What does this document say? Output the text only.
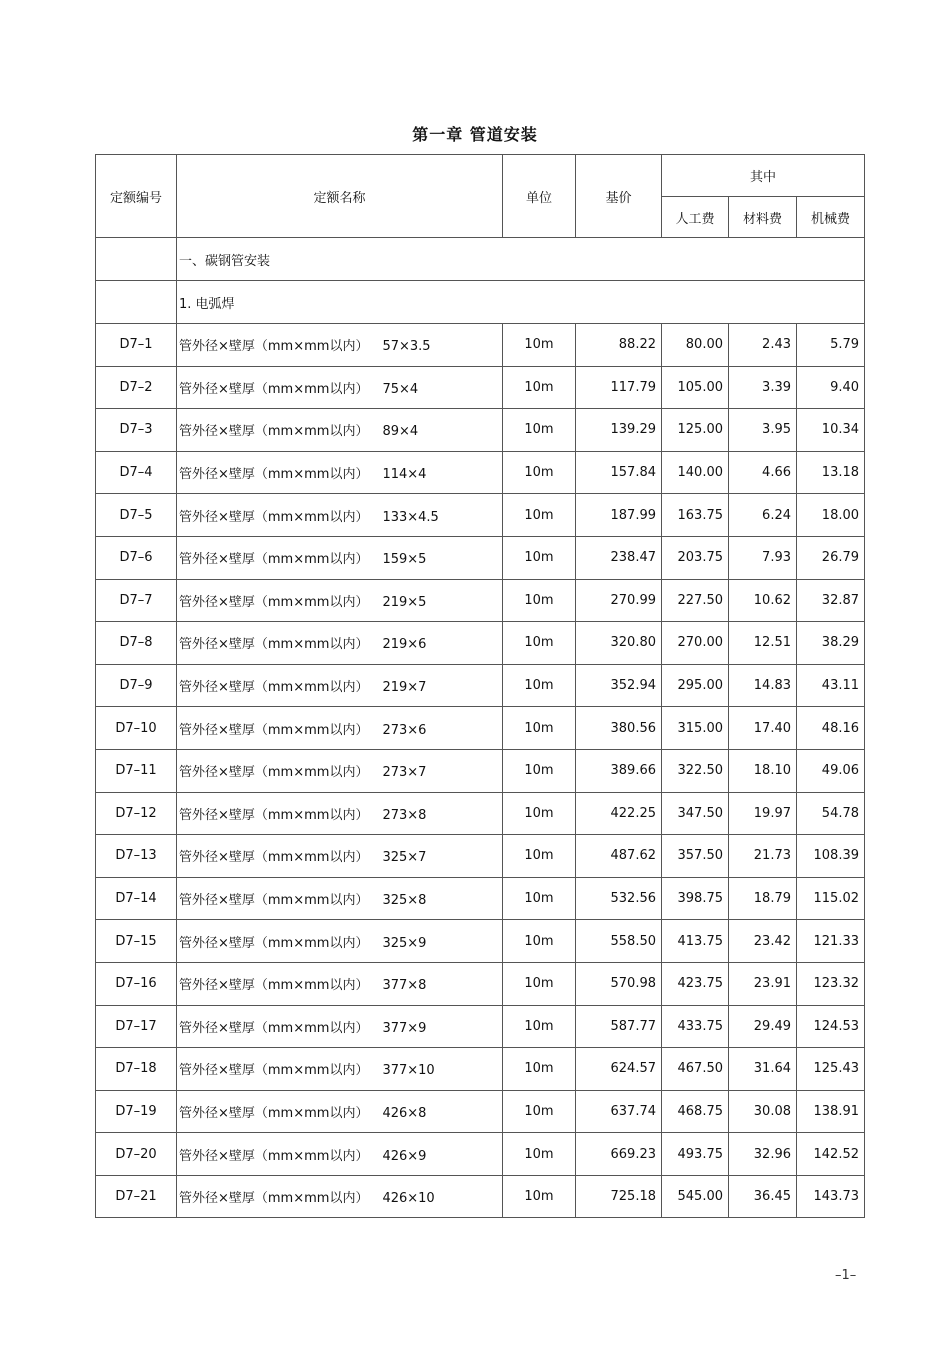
第一章 管道安装
定额编号	定额名称	单位	基价	其中		
				人工费	材料费	机械费
	一、碳钢管安装					
	1. 电弧焊					
D7–1	管外径×壁厚（mm×mm以内） 57×3.5	10m	88.22	80.00	2.43	5.79
D7–2	管外径×壁厚（mm×mm以内） 75×4	10m	117.79	105.00	3.39	9.40
D7–3	管外径×壁厚（mm×mm以内） 89×4	10m	139.29	125.00	3.95	10.34
D7–4	管外径×壁厚（mm×mm以内） 114×4	10m	157.84	140.00	4.66	13.18
D7–5	管外径×壁厚（mm×mm以内） 133×4.5	10m	187.99	163.75	6.24	18.00
D7–6	管外径×壁厚（mm×mm以内） 159×5	10m	238.47	203.75	7.93	26.79
D7–7	管外径×壁厚（mm×mm以内） 219×5	10m	270.99	227.50	10.62	32.87
D7–8	管外径×壁厚（mm×mm以内） 219×6	10m	320.80	270.00	12.51	38.29
D7–9	管外径×壁厚（mm×mm以内） 219×7	10m	352.94	295.00	14.83	43.11
D7–10	管外径×壁厚（mm×mm以内） 273×6	10m	380.56	315.00	17.40	48.16
D7–11	管外径×壁厚（mm×mm以内） 273×7	10m	389.66	322.50	18.10	49.06
D7–12	管外径×壁厚（mm×mm以内） 273×8	10m	422.25	347.50	19.97	54.78
D7–13	管外径×壁厚（mm×mm以内） 325×7	10m	487.62	357.50	21.73	108.39
D7–14	管外径×壁厚（mm×mm以内） 325×8	10m	532.56	398.75	18.79	115.02
D7–15	管外径×壁厚（mm×mm以内） 325×9	10m	558.50	413.75	23.42	121.33
D7–16	管外径×壁厚（mm×mm以内） 377×8	10m	570.98	423.75	23.91	123.32
D7–17	管外径×壁厚（mm×mm以内） 377×9	10m	587.77	433.75	29.49	124.53
D7–18	管外径×壁厚（mm×mm以内） 377×10	10m	624.57	467.50	31.64	125.43
D7–19	管外径×壁厚（mm×mm以内） 426×8	10m	637.74	468.75	30.08	138.91
D7–20	管外径×壁厚（mm×mm以内） 426×9	10m	669.23	493.75	32.96	142.52
D7–21	管外径×壁厚（mm×mm以内） 426×10	10m	725.18	545.00	36.45	143.73
–1–
